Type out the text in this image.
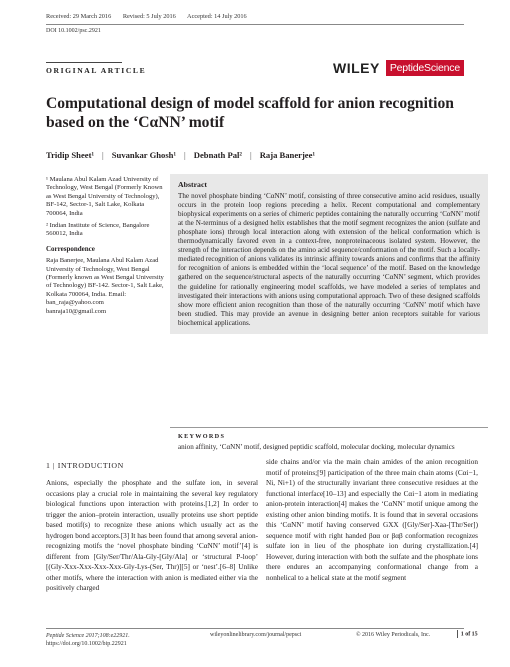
Received: 29 March 2016 Revised: 5 July 2016 Accepted: 14 July 2016
DOI 10.1002/psc.2921
ORIGINAL ARTICLE	WILEY PeptideScience
Computational design of model scaffold for anion recognition based on the ‘CαNN’ motif
Tridip Sheet¹ | Suvankar Ghosh¹ | Debnath Pal² | Raja Banerjee¹

¹ Maulana Abul Kalam Azad University of Technology, West Bengal (Formerly Known as West Bengal University of Technology), BF-142, Sector-1, Salt Lake, Kolkata 700064, India

² Indian Institute of Science, Bangalore 560012, India

Correspondence

Raja Banerjee, Maulana Abul Kalam Azad University of Technology, West Bengal (Formerly known as West Bengal University of Technology) BF-142. Sector-1, Salt Lake, Kolkata 700064, India. Email: ban_raja@yahoo.com banraja10@gmail.com

Abstract
The novel phosphate binding ‘CαNN’ motif, consisting of three consecutive amino acid residues, usually occurs in the protein loop regions preceding a helix. Recent computational and complementary biophysical experiments on a series of chimeric peptides containing the naturally occurring ‘CαNN’ motif at the N-terminus of a designed helix establishes that the motif segment recognizes the anion (sulfate and phosphate ions) through local interaction along with extension of the helical conformation which is thermodynamically favored even in a context-free, nonproteinaceous isolated system. However, the strength of the interaction depends on the amino acid sequence/conformation of the motif. Such a locally-mediated recognition of anions validates its intrinsic affinity towards anions and confirms that the affinity for recognition of anions is embedded within the ‘local sequence’ of the motif. Based on the knowledge gathered on the sequence/structural aspects of the naturally occurring ‘CαNN’ segment, which provides the guideline for rationally engineering model scaffolds, we have modeled a series of templates and investigated their interactions with anions using computational approach. Two of these designed scaffolds show more efficient anion recognition than those of the naturally occurring ‘CαNN’ motif which have been studied. This may provide an avenue in designing better anion receptors suitable for various biochemical applications.
KEYWORDS
anion affinity, ‘CαNN’ motif, designed peptidic scaffold, molecular docking, molecular dynamics
1 | INTRODUCTION

Anions, especially the phosphate and the sulfate ion, in several occasions play a crucial role in maintaining the several key regulatory biological functions upon interaction with proteins.[1,2] In order to trigger the anion–protein interaction, usually proteins use short peptide based motif(s) to recognize these anions which usually act as the hydrogen bond acceptors.[3] It has been found that among several anion-recognizing motifs the ‘novel phosphate binding ‘CαNN’ motif’[4] is different from [Gly/Ser/Thr/Ala-Gly-[Gly/Ala] or ‘structural P-loop’ [(Gly-Xxx-Xxx-Xxx-Xxx-Gly-Lys-(Ser, Thr)][5] or ‘nest’.[6–8] Unlike other motifs, where the interaction with anion is mediated either via the positively charged

side chains and/or via the main chain amides of the anion recognition motif of proteins;[9] participation of the three main chain atoms (Cαi−1, Ni, Ni+1) of the structurally invariant three consecutive residues at the functional interface[10–13] and especially the Cαi−1 atom in mediating anion-protein interaction[4] makes the ‘CαNN’ motif unique among the existing other anion binding motifs. It is found that in several occasions this ‘CαNN’ motif having conserved GXX ([Gly/Ser]-Xaa-[Thr/Ser]) sequence motif with right handed βαα or βαβ conformation recognizes sulfate ion in lieu of the phosphate ion during crystallization.[4] However, during interaction with both the sulfate and the phosphate ions there endures an accompanying conformational change from a nonhelical to a helical state at the motif segment

Peptide Science 2017;108:e22921.
https://doi.org/10.1002/bip.22921
wileyonlinelibrary.com/journal/pepsci	© 2016 Wiley Periodicals, Inc.	1 of 15
